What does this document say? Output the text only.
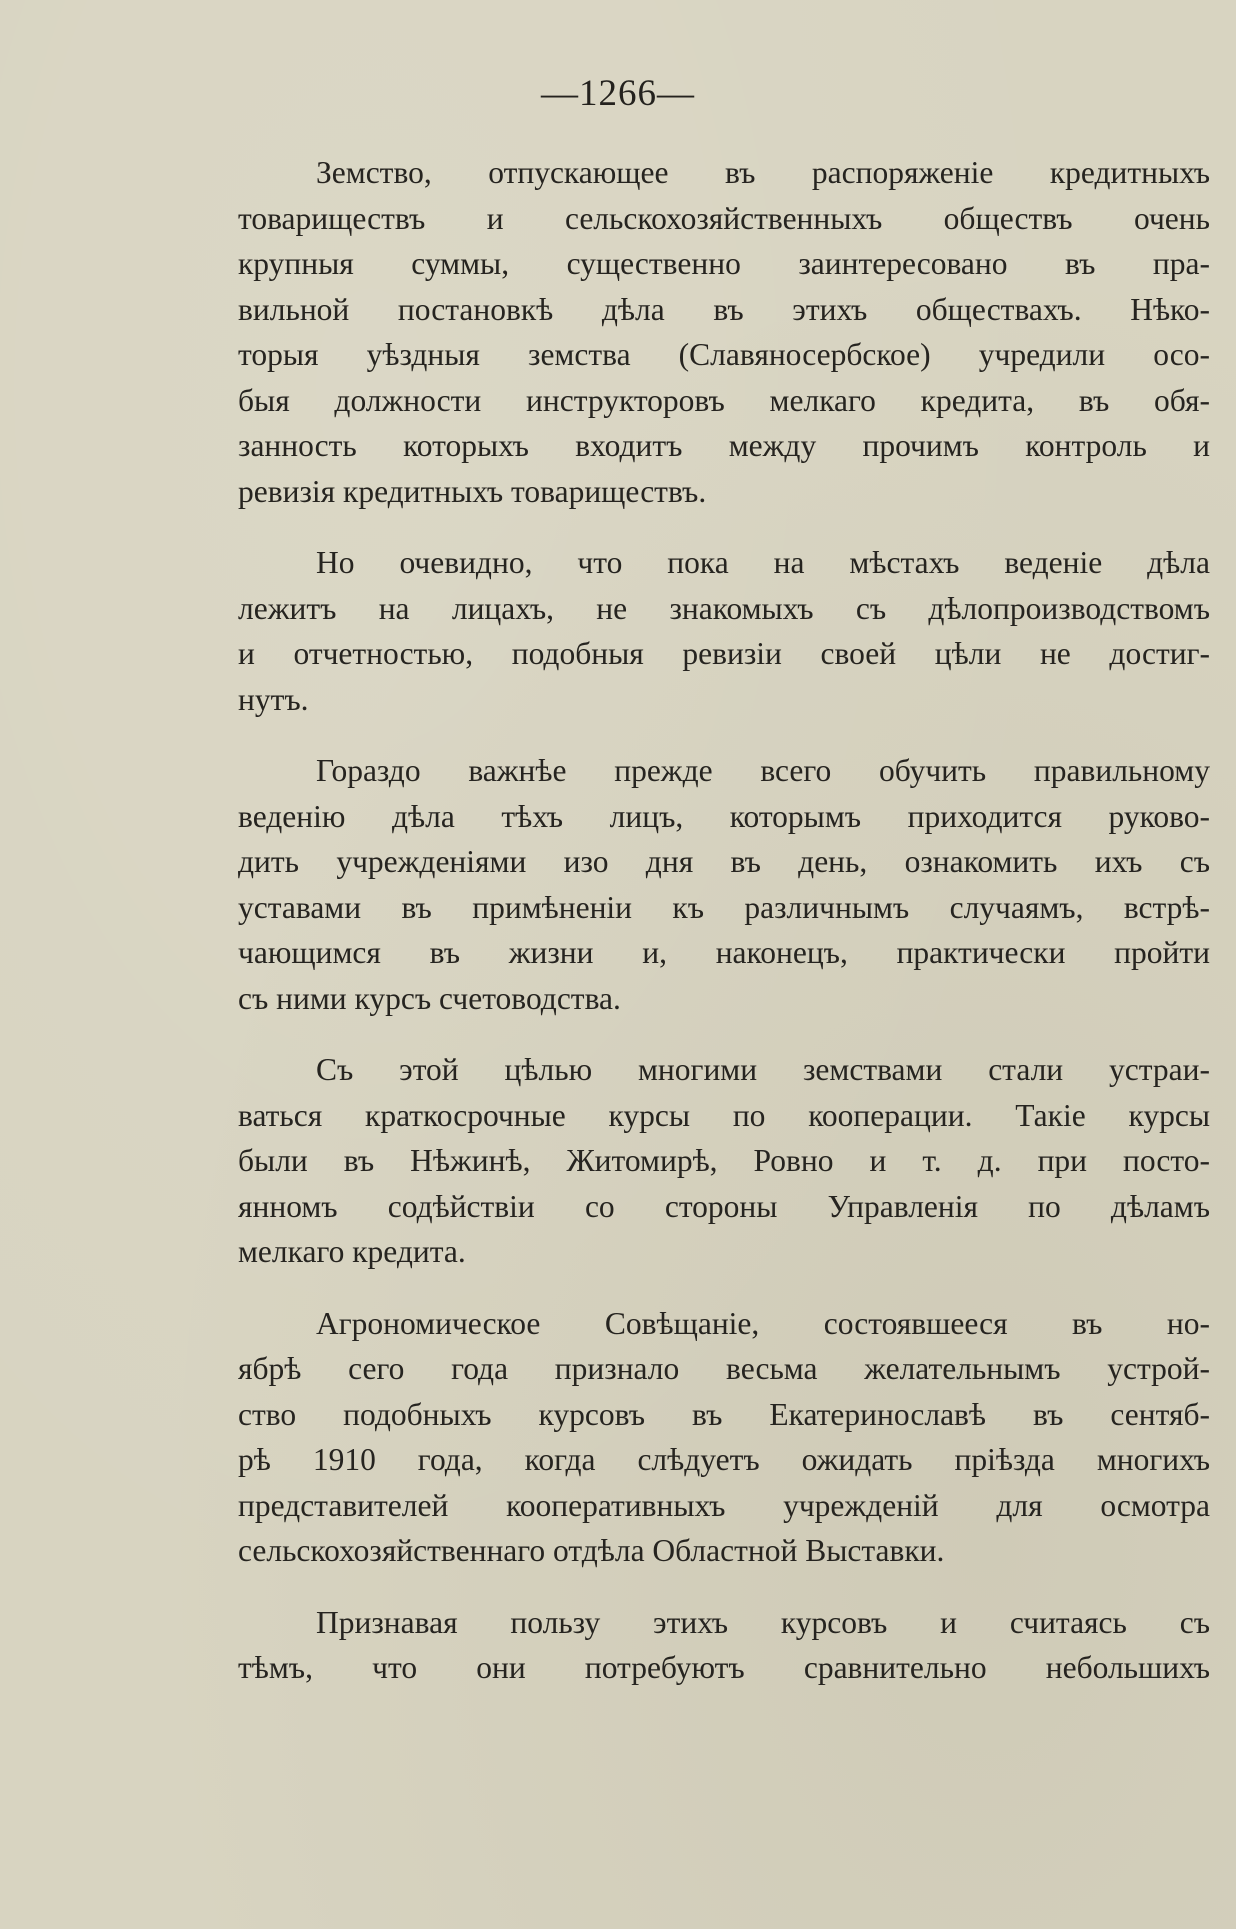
—1266—

Земство, отпускающее въ распоряженіе кредитныхъ
товариществъ и сельскохозяйственныхъ обществъ очень
крупныя суммы, существенно заинтересовано въ пра-
вильной постановкѣ дѣла въ этихъ обществахъ. Нѣко-
торыя уѣздныя земства (Славяносербское) учредили осо-
быя должности инструкторовъ мелкаго кредита, въ обя-
занность которыхъ входитъ между прочимъ контроль и
ревизія кредитныхъ товариществъ.

Но очевидно, что пока на мѣстахъ веденіе дѣла
лежитъ на лицахъ, не знакомыхъ съ дѣлопроизводствомъ
и отчетностью, подобныя ревизіи своей цѣли не достиг-
нутъ.

Гораздо важнѣе прежде всего обучить правильному
веденію дѣла тѣхъ лицъ, которымъ приходится руково-
дить учрежденіями изо дня въ день, ознакомить ихъ съ
уставами въ примѣненіи къ различнымъ случаямъ, встрѣ-
чающимся въ жизни и, наконецъ, практически пройти
съ ними курсъ счетоводства.

Съ этой цѣлью многими земствами стали устраи-
ваться краткосрочные курсы по кооперации. Такіе курсы
были въ Нѣжинѣ, Житомирѣ, Ровно и т. д. при посто-
янномъ содѣйствіи со стороны Управленія по дѣламъ
мелкаго кредита.

Агрономическое Совѣщаніе, состоявшееся въ но-
ябрѣ сего года признало весьма желательнымъ устрой-
ство подобныхъ курсовъ въ Екатеринославѣ въ сентяб-
рѣ 1910 года, когда слѣдуетъ ожидать пріѣзда многихъ
представителей кооперативныхъ учрежденій для осмотра
сельскохозяйственнаго отдѣла Областной Выставки.

Признавая пользу этихъ курсовъ и считаясь съ
тѣмъ, что они потребуютъ сравнительно небольшихъ
